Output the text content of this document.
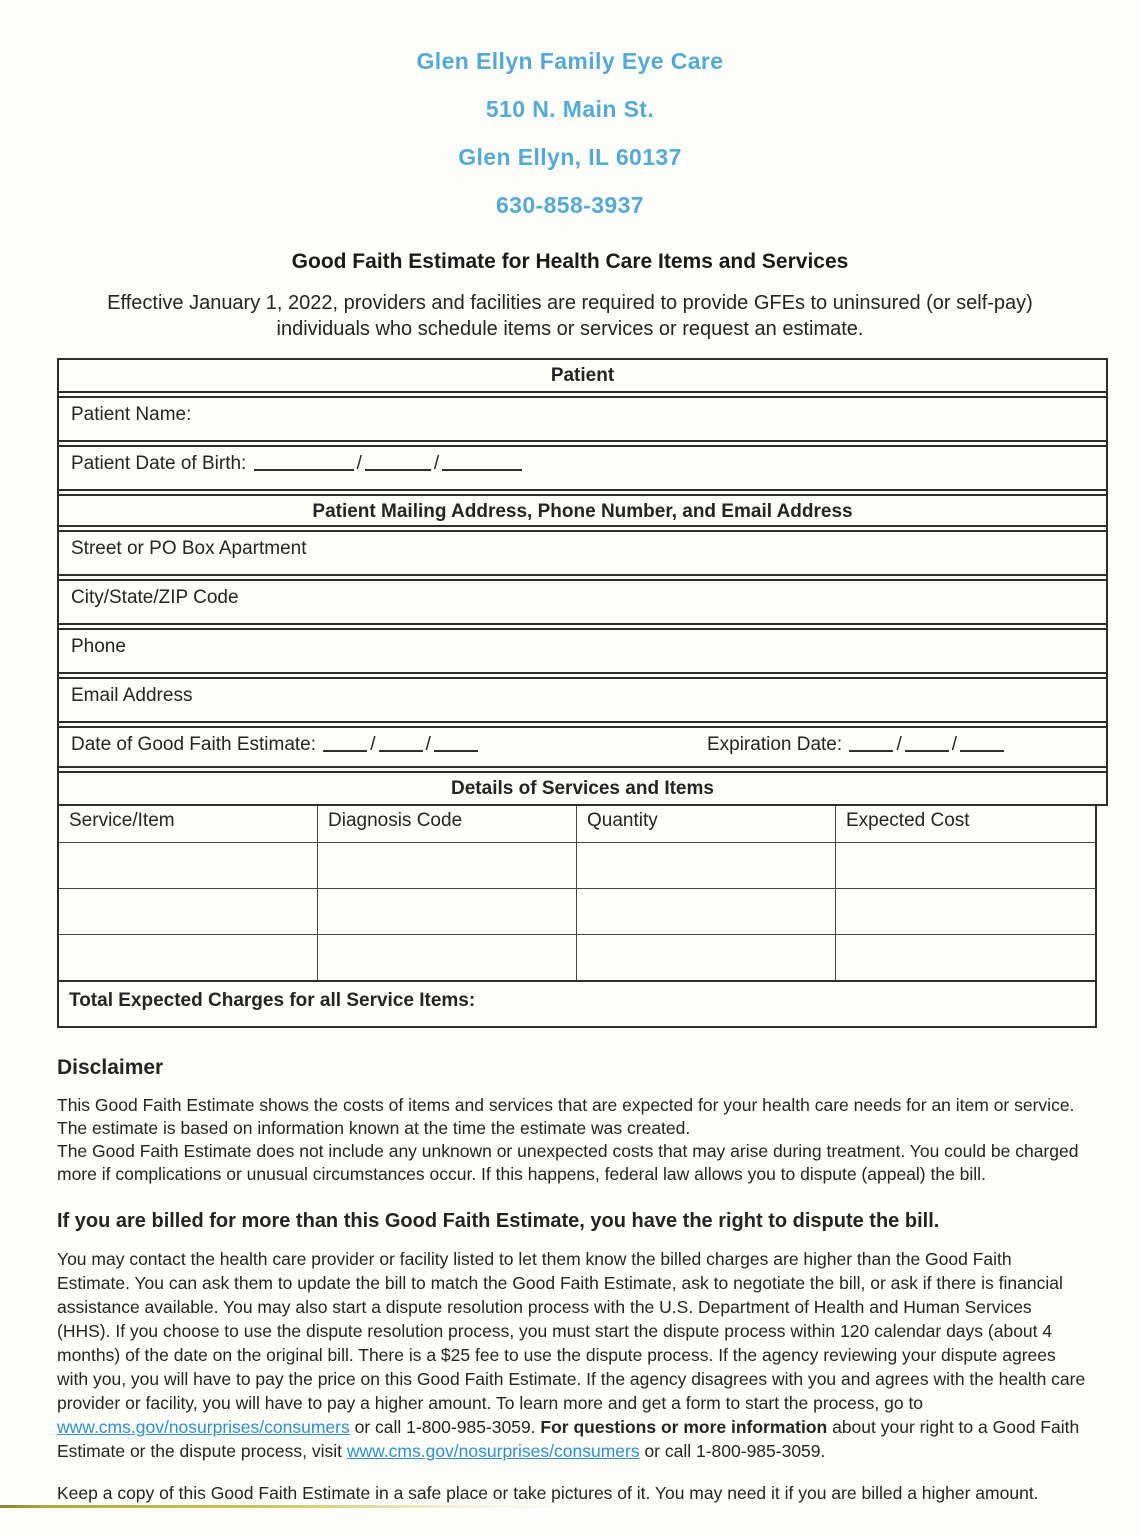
Glen Ellyn Family Eye Care
510 N. Main St.
Glen Ellyn, IL 60137
630-858-3937
Good Faith Estimate for Health Care Items and Services
Effective January 1, 2022, providers and facilities are required to provide GFEs to uninsured (or self-pay) individuals who schedule items or services or request an estimate.
Patient
Patient Name:
Patient Date of Birth:	/	/
Patient Mailing Address, Phone Number, and Email Address
Street or PO Box Apartment
City/State/ZIP Code
Phone
Email Address
Date of Good Faith Estimate:	/	/	Expiration Date:	/	/
Details of Services and Items
Service/Item	Diagnosis Code	Quantity	Expected Cost
Total Expected Charges for all Service Items:
Disclaimer

This Good Faith Estimate shows the costs of items and services that are expected for your health care needs for an item or service. The estimate is based on information known at the time the estimate was created.

The Good Faith Estimate does not include any unknown or unexpected costs that may arise during treatment. You could be charged more if complications or unusual circumstances occur. If this happens, federal law allows you to dispute (appeal) the bill.

If you are billed for more than this Good Faith Estimate, you have the right to dispute the bill.

You may contact the health care provider or facility listed to let them know the billed charges are higher than the Good Faith Estimate. You can ask them to update the bill to match the Good Faith Estimate, ask to negotiate the bill, or ask if there is financial assistance available. You may also start a dispute resolution process with the U.S. Department of Health and Human Services (HHS). If you choose to use the dispute resolution process, you must start the dispute process within 120 calendar days (about 4 months) of the date on the original bill. There is a $25 fee to use the dispute process. If the agency reviewing your dispute agrees with you, you will have to pay the price on this Good Faith Estimate. If the agency disagrees with you and agrees with the health care provider or facility, you will have to pay a higher amount. To learn more and get a form to start the process, go to www.cms.gov/nosurprises/consumers or call 1-800-985-3059. For questions or more information about your right to a Good Faith Estimate or the dispute process, visit www.cms.gov/nosurprises/consumers or call 1-800-985-3059.

Keep a copy of this Good Faith Estimate in a safe place or take pictures of it. You may need it if you are billed a higher amount.
